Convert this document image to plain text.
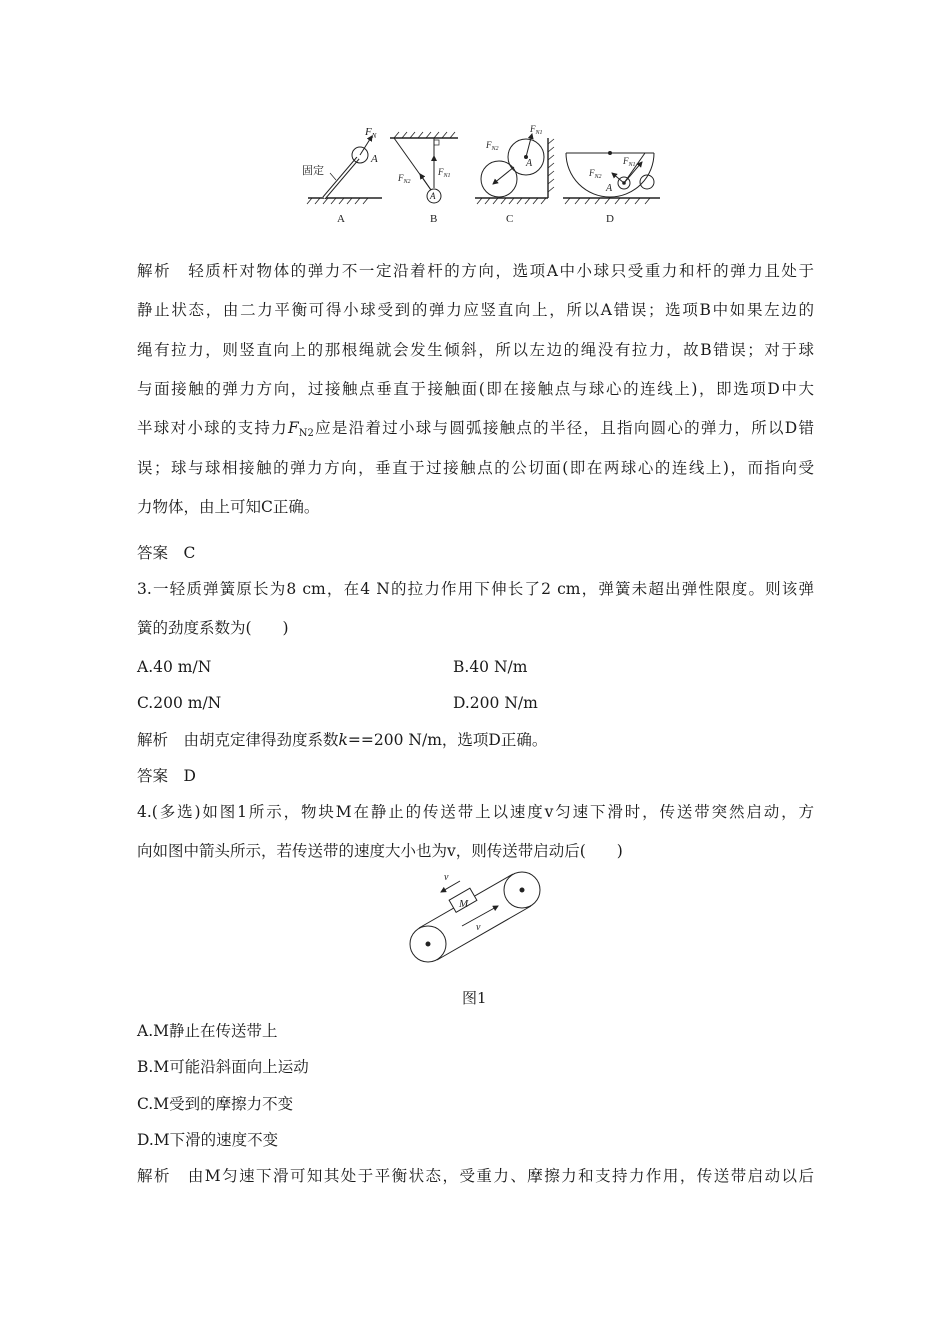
$F_N$
A
固定
A
A
$F_{N1}$
$F_{N2}$
B
$F_{N1}$
$F_{N2}$
A
C
$F_{N1}$
$F_{N2}$
A
D
解析　轻质杆对物体的弹力不一定沿着杆的方向，选项A中小球只受重力和杆的弹力且处于
静止状态，由二力平衡可得小球受到的弹力应竖直向上，所以A错误；选项B中如果左边的
绳有拉力，则竖直向上的那根绳就会发生倾斜，所以左边的绳没有拉力，故B错误；对于球
与面接触的弹力方向，过接触点垂直于接触面(即在接触点与球心的连线上)，即选项D中大
半球对小球的支持力$F_{N2}$应是沿着过小球与圆弧接触点的半径，且指向圆心的弹力，所以D错
误；球与球相接触的弹力方向，垂直于过接触点的公切面(即在两球心的连线上)，而指向受
力物体，由上可知C正确。
答案　C
3.一轻质弹簧原长为8 cm，在4 N的拉力作用下伸长了2 cm，弹簧未超出弹性限度。则该弹
簧的劲度系数为(　　)
A.40 m/N	B.40 N/m
C.200 m/N	D.200 N/m
解析　由胡克定律得劲度系数k==200 N/m，选项D正确。
答案　D
4.(多选)如图1所示，物块M在静止的传送带上以速度v匀速下滑时，传送带突然启动，方
向如图中箭头所示，若传送带的速度大小也为v，则传送带启动后(　　)
M
v
v
图1
A.M静止在传送带上
B.M可能沿斜面向上运动
C.M受到的摩擦力不变
D.M下滑的速度不变
解析　由M匀速下滑可知其处于平衡状态，受重力、摩擦力和支持力作用，传送带启动以后
